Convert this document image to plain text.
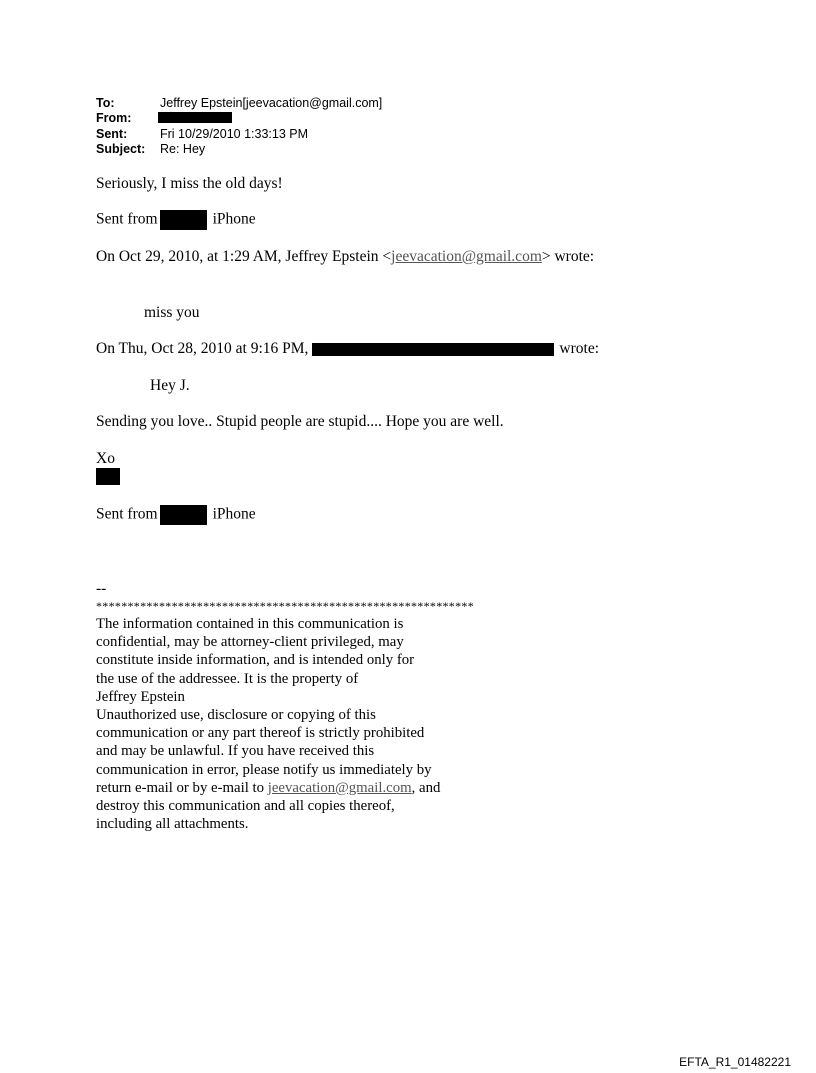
To:	Jeffrey Epstein[jeevacation@gmail.com]
From:
Sent:	Fri 10/29/2010 1:33:13 PM
Subject: Re: Hey
Seriously, I miss the old days!
Sent from	iPhone
On Oct 29, 2010, at 1:29 AM, Jeffrey Epstein <jeevacation@gmail.com> wrote:
miss you
On Thu, Oct 28, 2010 at 9:16 PM,	wrote:
Hey J.
Sending you love.. Stupid people are stupid.... Hope you are well.
Xo
Sent from	iPhone
--
************************************************************
The information contained in this communication is
confidential, may be attorney-client privileged, may
constitute inside information, and is intended only for
the use of the addressee. It is the property of
Jeffrey Epstein
Unauthorized use, disclosure or copying of this
communication or any part thereof is strictly prohibited
and may be unlawful. If you have received this
communication in error, please notify us immediately by
return e-mail or by e-mail to jeevacation@gmail.com, and
destroy this communication and all copies thereof,
including all attachments.
EFTA_R1_01482221
